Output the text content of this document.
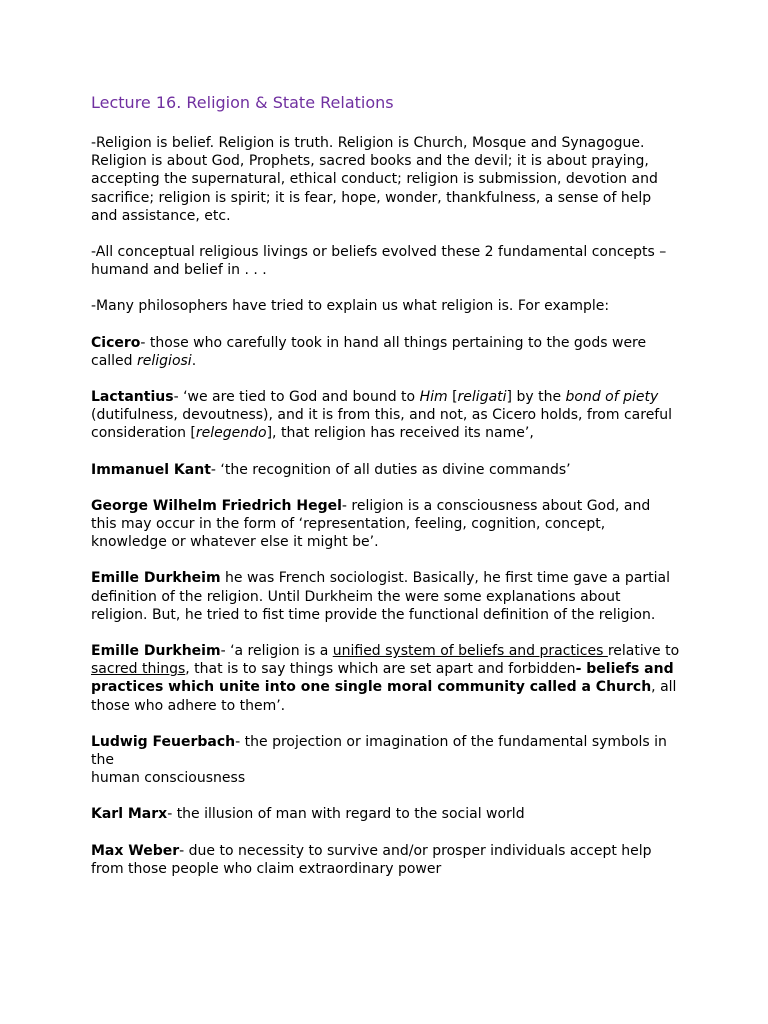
Lecture 16. Religion & State Relations

-Religion is belief. Religion is truth. Religion is Church, Mosque and Synagogue. Religion is about God, Prophets, sacred books and the devil; it is about praying, accepting the supernatural, ethical conduct; religion is submission, devotion and sacrifice; religion is spirit; it is fear, hope, wonder, thankfulness, a sense of help and assistance, etc.

-All conceptual religious livings or beliefs evolved these 2 fundamental concepts – humand and belief in . . .

-Many philosophers have tried to explain us what religion is. For example:

Cicero- those who carefully took in hand all things pertaining to the gods were called religiosi.

Lactantius- ‘we are tied to God and bound to Him [religati] by the bond of piety (dutifulness, devoutness), and it is from this, and not, as Cicero holds, from careful consideration [relegendo], that religion has received its name’,

Immanuel Kant- ‘the recognition of all duties as divine commands’

George Wilhelm Friedrich Hegel- religion is a consciousness about God, and this may occur in the form of ‘representation, feeling, cognition, concept, knowledge or whatever else it might be’.

Emille Durkheim he was French sociologist. Basically, he first time gave a partial definition of the religion. Until Durkheim the were some explanations about religion. But, he tried to fist time provide the functional definition of the religion.

Emille Durkheim- ‘a religion is a unified system of beliefs and practices relative to sacred things, that is to say things which are set apart and forbidden- beliefs and practices which unite into one single moral community called a Church, all those who adhere to them’.

Ludwig Feuerbach- the projection or imagination of the fundamental symbols in the
human consciousness

Karl Marx- the illusion of man with regard to the social world

Max Weber- due to necessity to survive and/or prosper individuals accept help from those people who claim extraordinary power
